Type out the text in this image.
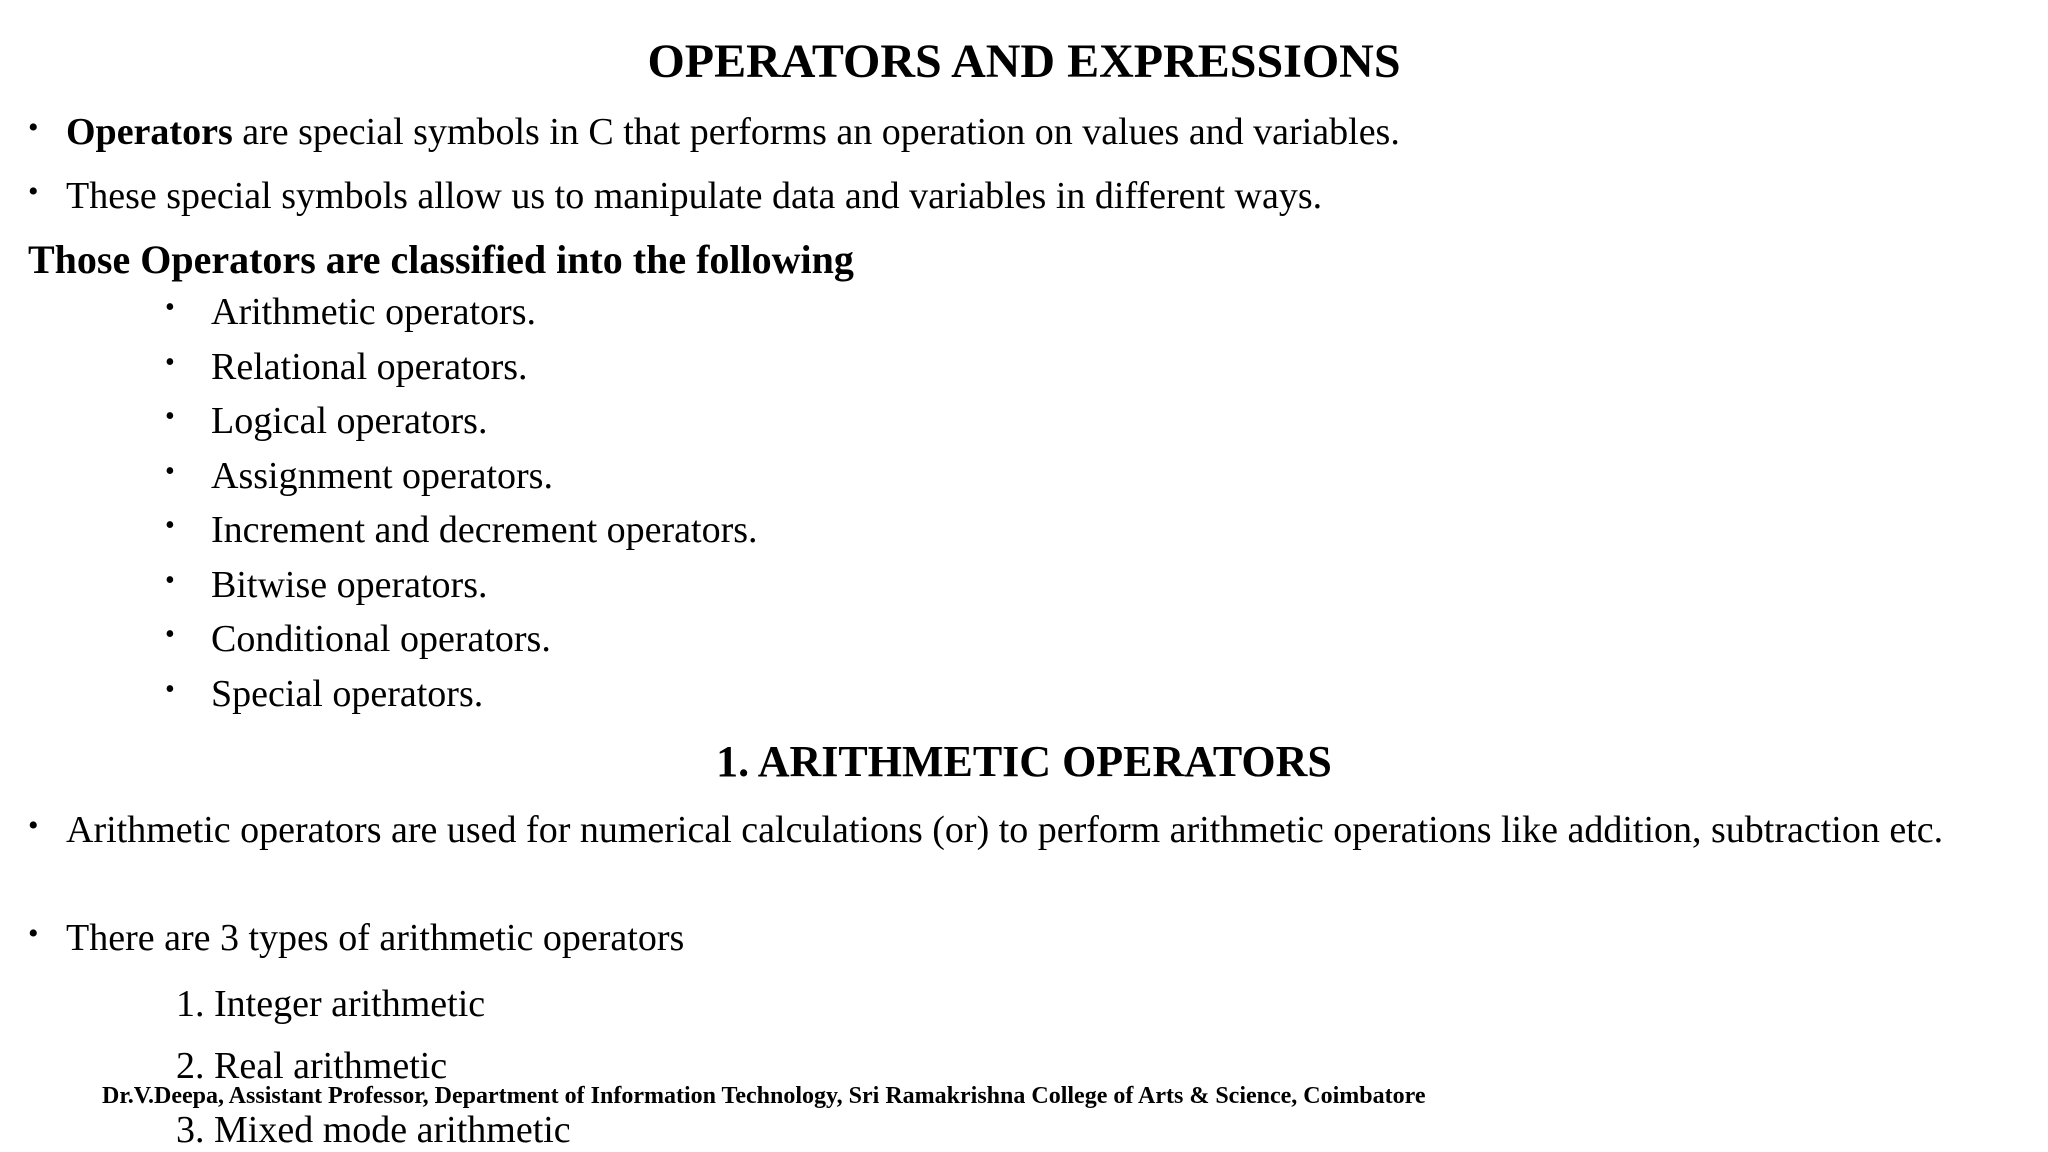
OPERATORS AND EXPRESSIONS
• Operators are special symbols in C that performs an operation on values and variables.
• These special symbols allow us to manipulate data and variables in different ways.
Those Operators are classified into the following
• Arithmetic operators.
• Relational operators.
• Logical operators.
• Assignment operators.
• Increment and decrement operators.
• Bitwise operators.
• Conditional operators.
• Special operators.
1. ARITHMETIC OPERATORS
• Arithmetic operators are used for numerical calculations (or) to perform arithmetic operations like addition, subtraction etc.
• There are 3 types of arithmetic operators
1. Integer arithmetic
2. Real arithmetic
3. Mixed mode arithmetic
Dr.V.Deepa, Assistant Professor, Department of Information Technology, Sri Ramakrishna College of Arts & Science, Coimbatore
